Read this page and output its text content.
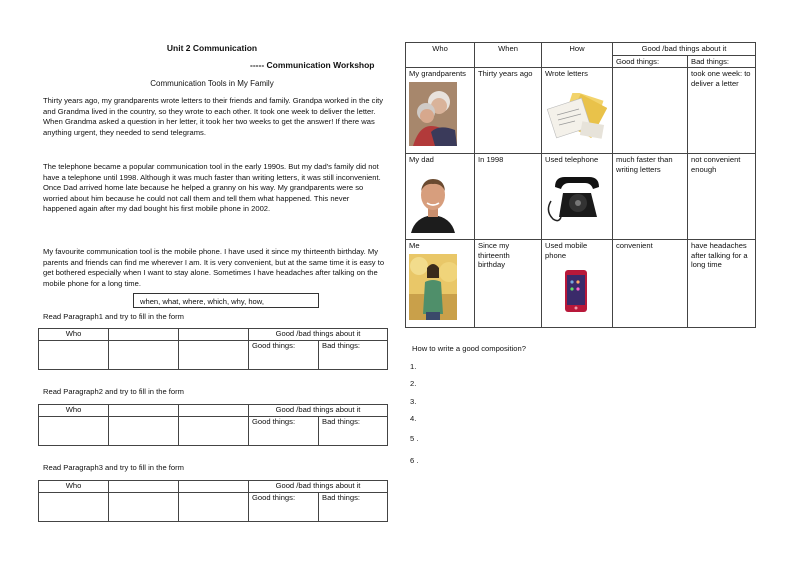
Unit 2 Communication
----- Communication Workshop
Communication Tools in My Family
Thirty years ago, my grandparents wrote letters to their friends and family. Grandpa worked in the city and Grandma lived in the country, so they wrote to each other. It took one week to deliver the letter. When Grandma asked a question in her letter, it took her two weeks to get the answer! If there was anything urgent, they needed to send telegrams.
The telephone became a popular communication tool in the early 1990s. But my dad's family did not have a telephone until 1998. Although it was much faster than writing letters, it was still inconvenient. Once Dad arrived home late because he helped a granny on his way. My grandparents were so worried about him because he could not call them and tell them what happened. This never happened again after my dad bought his first mobile phone in 2002.
My favourite communication tool is the mobile phone. I have used it since my thirteenth birthday. My parents and friends can find me wherever I am. It is very convenient, but at the same time it is easy to get bothered especially when I want to stay alone. Sometimes I have headaches after talking on the mobile phone for a long time.
when, what, where, which, why, how,
Read Paragraph1 and try to fill in the form
Who			Good /bad things about it	
			Good things:	Bad things:
Read Paragraph2 and try to fill in the form
Who			Good /bad things about it	
			Good things:	Bad things:
Read Paragraph3 and try to fill in the form
Who			Good /bad things about it	
			Good things:	Bad things:
Who	When	How	Good /bad things about it	
			Good things:	Bad things:

My grandparents	Thirty years ago	Wrote letters		took one week: to deliver a letter

My dad	In 1998	Used telephone	much faster than writing letters	not convenient enough

Me	Since my thirteenth birthday	Used mobile phone	convenient	have headaches after talking for a long time
How to write a good composition?
1.
2.
3.
4.
5 .
6 .
